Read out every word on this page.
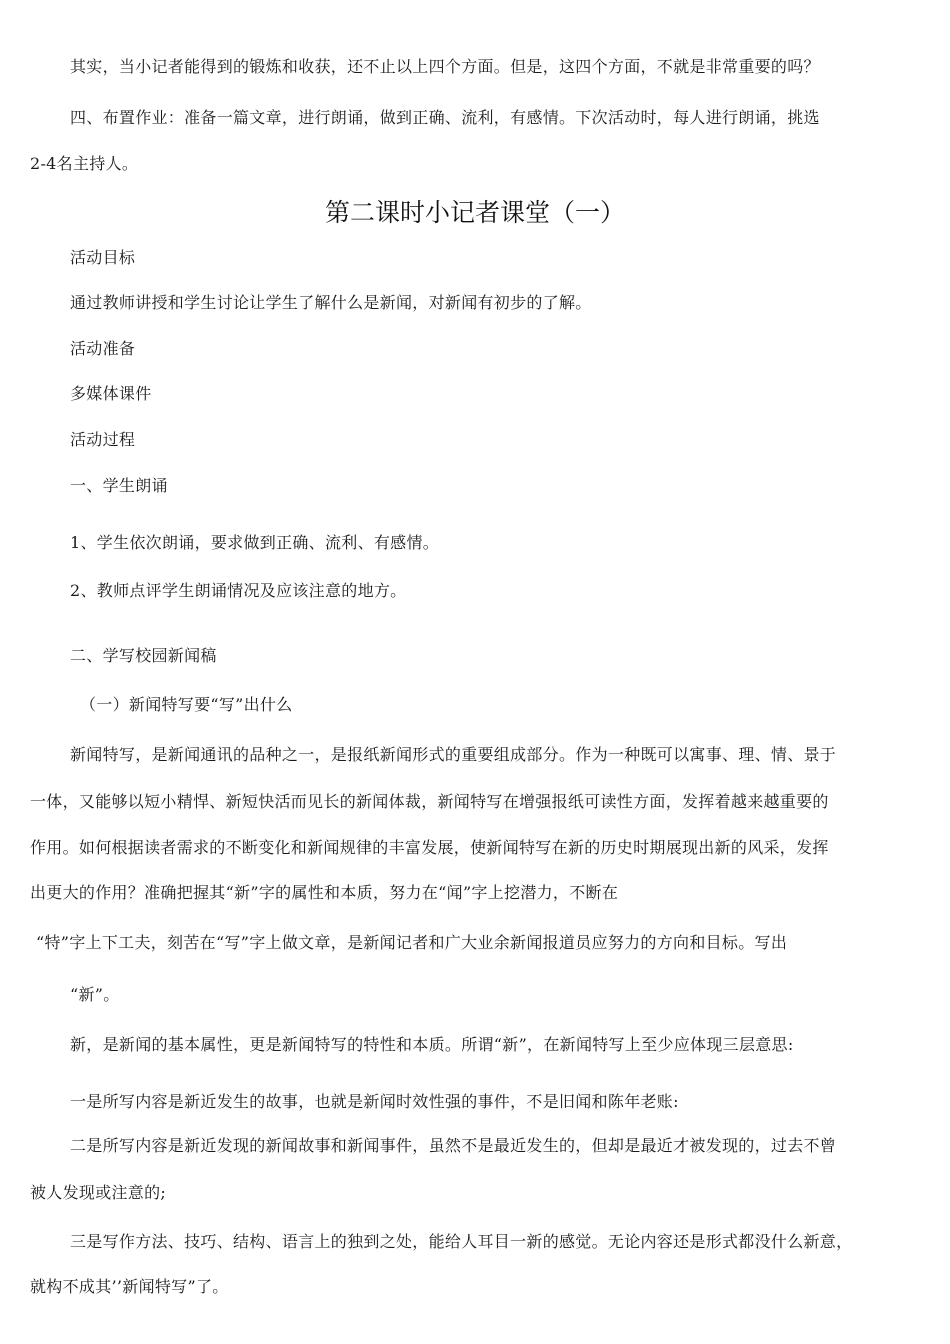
其实，当小记者能得到的锻炼和收获，还不止以上四个方面。但是，这四个方面，不就是非常重要的吗？
四、布置作业：准备一篇文章，进行朗诵，做到正确、流利，有感情。下次活动时，每人进行朗诵，挑选
2-4名主持人。
第二课时小记者课堂（一）
活动目标
通过教师讲授和学生讨论让学生了解什么是新闻，对新闻有初步的了解。
活动准备
多媒体课件
活动过程
一、学生朗诵
1、学生依次朗诵，要求做到正确、流利、有感情。
2、教师点评学生朗诵情况及应该注意的地方。
二、学写校园新闻稿
（一）新闻特写要“写”出什么
新闻特写，是新闻通讯的品种之一，是报纸新闻形式的重要组成部分。作为一种既可以寓事、理、情、景于
一体，又能够以短小精悍、新短快活而见长的新闻体裁，新闻特写在增强报纸可读性方面，发挥着越来越重要的
作用。如何根据读者需求的不断变化和新闻规律的丰富发展，使新闻特写在新的历史时期展现出新的风采，发挥
出更大的作用？准确把握其“新”字的属性和本质，努力在“闻”字上挖潜力，不断在
“特”字上下工夫，刻苦在“写”字上做文章，是新闻记者和广大业余新闻报道员应努力的方向和目标。写出
“新”。
新，是新闻的基本属性，更是新闻特写的特性和本质。所谓“新”，在新闻特写上至少应体现三层意思:
一是所写内容是新近发生的故事，也就是新闻时效性强的事件，不是旧闻和陈年老账:
二是所写内容是新近发现的新闻故事和新闻事件，虽然不是最近发生的，但却是最近才被发现的，过去不曾
被人发现或注意的;
三是写作方法、技巧、结构、语言上的独到之处，能给人耳目一新的感觉。无论内容还是形式都没什么新意，
就构不成其’’新闻特写”了。
